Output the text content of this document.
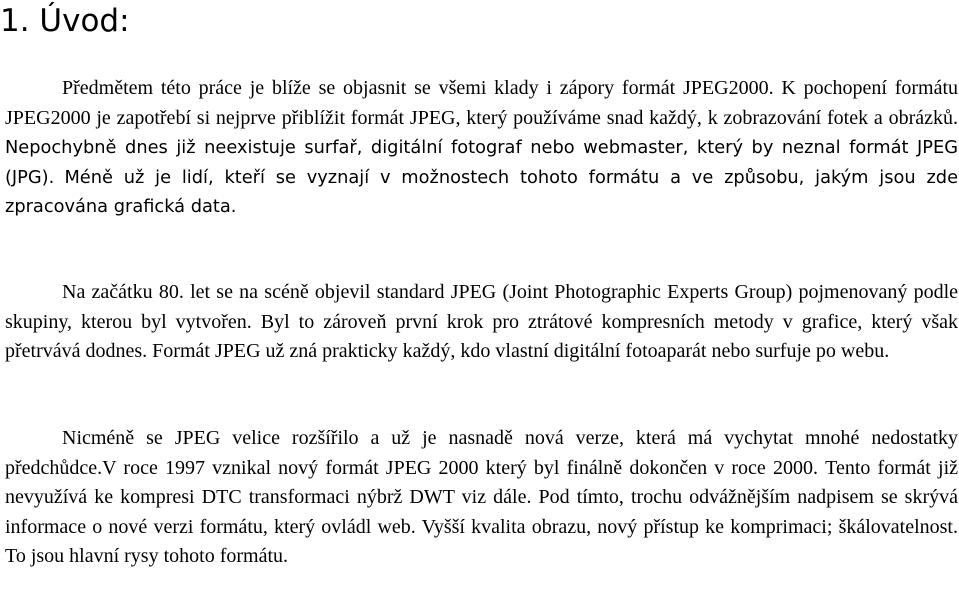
1. Úvod:

Předmětem této práce je blíže se objasnit se všemi klady i zápory formát JPEG2000. K pochopení formátu JPEG2000 je zapotřebí si nejprve přiblížit formát JPEG, který používáme snad každý, k zobrazování fotek a obrázků. Nepochybně dnes již neexistuje surfař, digitální fotograf nebo webmaster, který by neznal formát JPEG (JPG). Méně už je lidí, kteří se vyznají v možnostech tohoto formátu a ve způsobu, jakým jsou zde zpracována grafická data.

Na začátku 80. let se na scéně objevil standard JPEG (Joint Photographic Experts Group) pojmenovaný podle skupiny, kterou byl vytvořen. Byl to zároveň první krok pro ztrátové kompresních metody v grafice, který však přetrvává dodnes. Formát JPEG už zná prakticky každý, kdo vlastní digitální fotoaparát nebo surfuje po webu.

Nicméně se JPEG velice rozšířilo a už je nasnadě nová verze, která má vychytat mnohé nedostatky předchůdce.V roce 1997 vznikal nový formát JPEG 2000 který byl finálně dokončen v roce 2000. Tento formát již nevyužívá ke kompresi DTC transformaci nýbrž DWT viz dále. Pod tímto, trochu odvážnějším nadpisem se skrývá informace o nové verzi formátu, který ovládl web. Vyšší kvalita obrazu, nový přístup ke komprimaci; škálovatelnost. To jsou hlavní rysy tohoto formátu.
